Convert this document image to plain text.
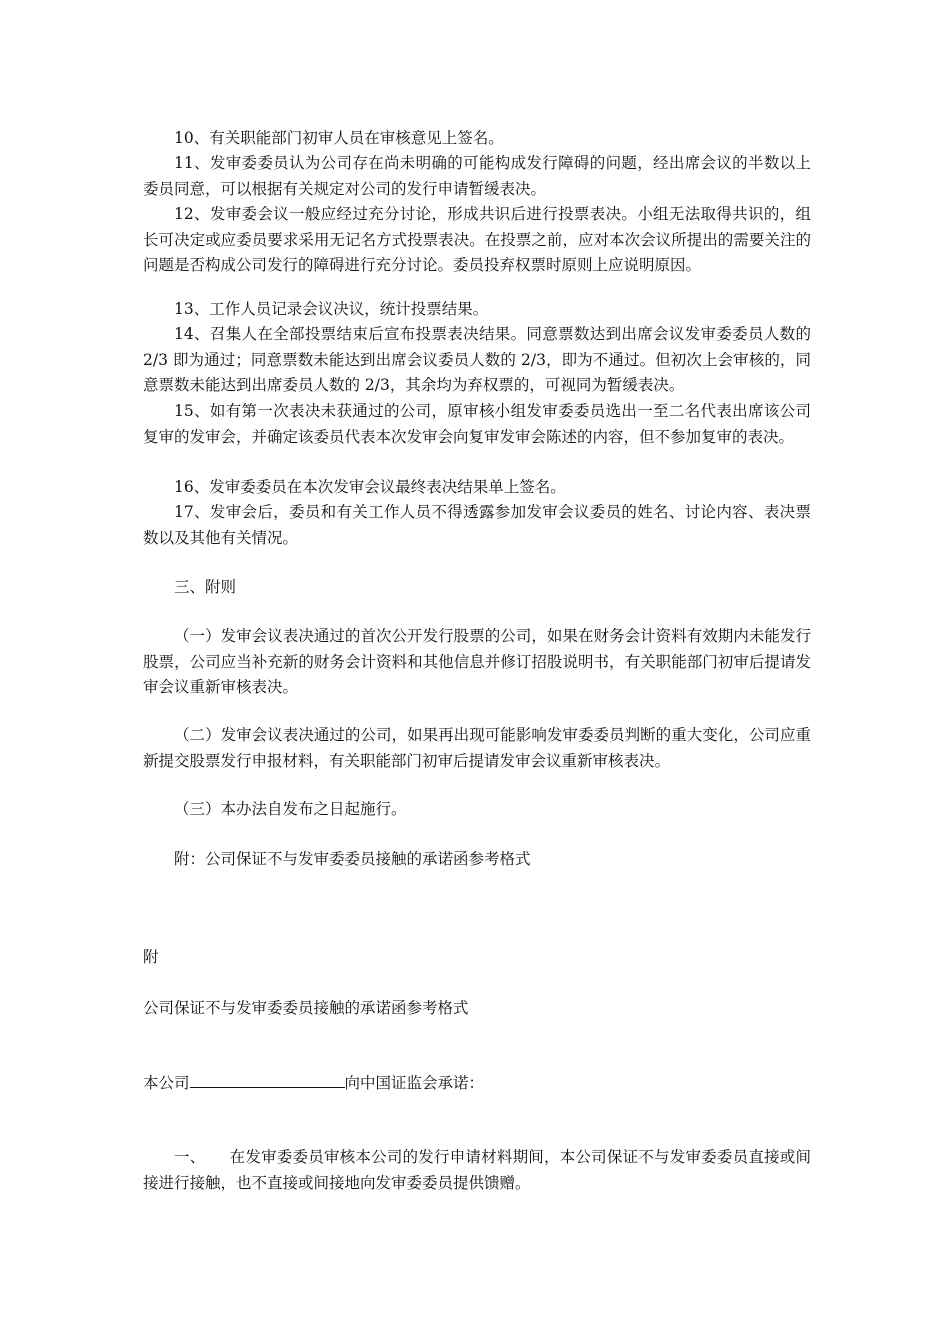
10、有关职能部门初审人员在审核意见上签名。
11、发审委委员认为公司存在尚未明确的可能构成发行障碍的问题，经出席会议的半数以上委员同意，可以根据有关规定对公司的发行申请暂缓表决。
12、发审委会议一般应经过充分讨论，形成共识后进行投票表决。小组无法取得共识的，组长可决定或应委员要求采用无记名方式投票表决。在投票之前，应对本次会议所提出的需要关注的问题是否构成公司发行的障碍进行充分讨论。委员投弃权票时原则上应说明原因。
13、工作人员记录会议决议，统计投票结果。
14、召集人在全部投票结束后宣布投票表决结果。同意票数达到出席会议发审委委员人数的 2/3 即为通过；同意票数未能达到出席会议委员人数的 2/3，即为不通过。但初次上会审核的，同意票数未能达到出席委员人数的 2/3，其余均为弃权票的，可视同为暂缓表决。
15、如有第一次表决未获通过的公司，原审核小组发审委委员选出一至二名代表出席该公司复审的发审会，并确定该委员代表本次发审会向复审发审会陈述的内容，但不参加复审的表决。
16、发审委委员在本次发审会议最终表决结果单上签名。
17、发审会后，委员和有关工作人员不得透露参加发审会议委员的姓名、讨论内容、表决票数以及其他有关情况。
三、附则
（一）发审会议表决通过的首次公开发行股票的公司，如果在财务会计资料有效期内未能发行股票，公司应当补充新的财务会计资料和其他信息并修订招股说明书，有关职能部门初审后提请发审会议重新审核表决。
（二）发审会议表决通过的公司，如果再出现可能影响发审委委员判断的重大变化，公司应重新提交股票发行申报材料，有关职能部门初审后提请发审会议重新审核表决。
（三）本办法自发布之日起施行。
附：公司保证不与发审委委员接触的承诺函参考格式
附
公司保证不与发审委委员接触的承诺函参考格式
本公司	向中国证监会承诺：
一、 在发审委委员审核本公司的发行申请材料期间，本公司保证不与发审委委员直接或间接进行接触，也不直接或间接地向发审委委员提供馈赠。
